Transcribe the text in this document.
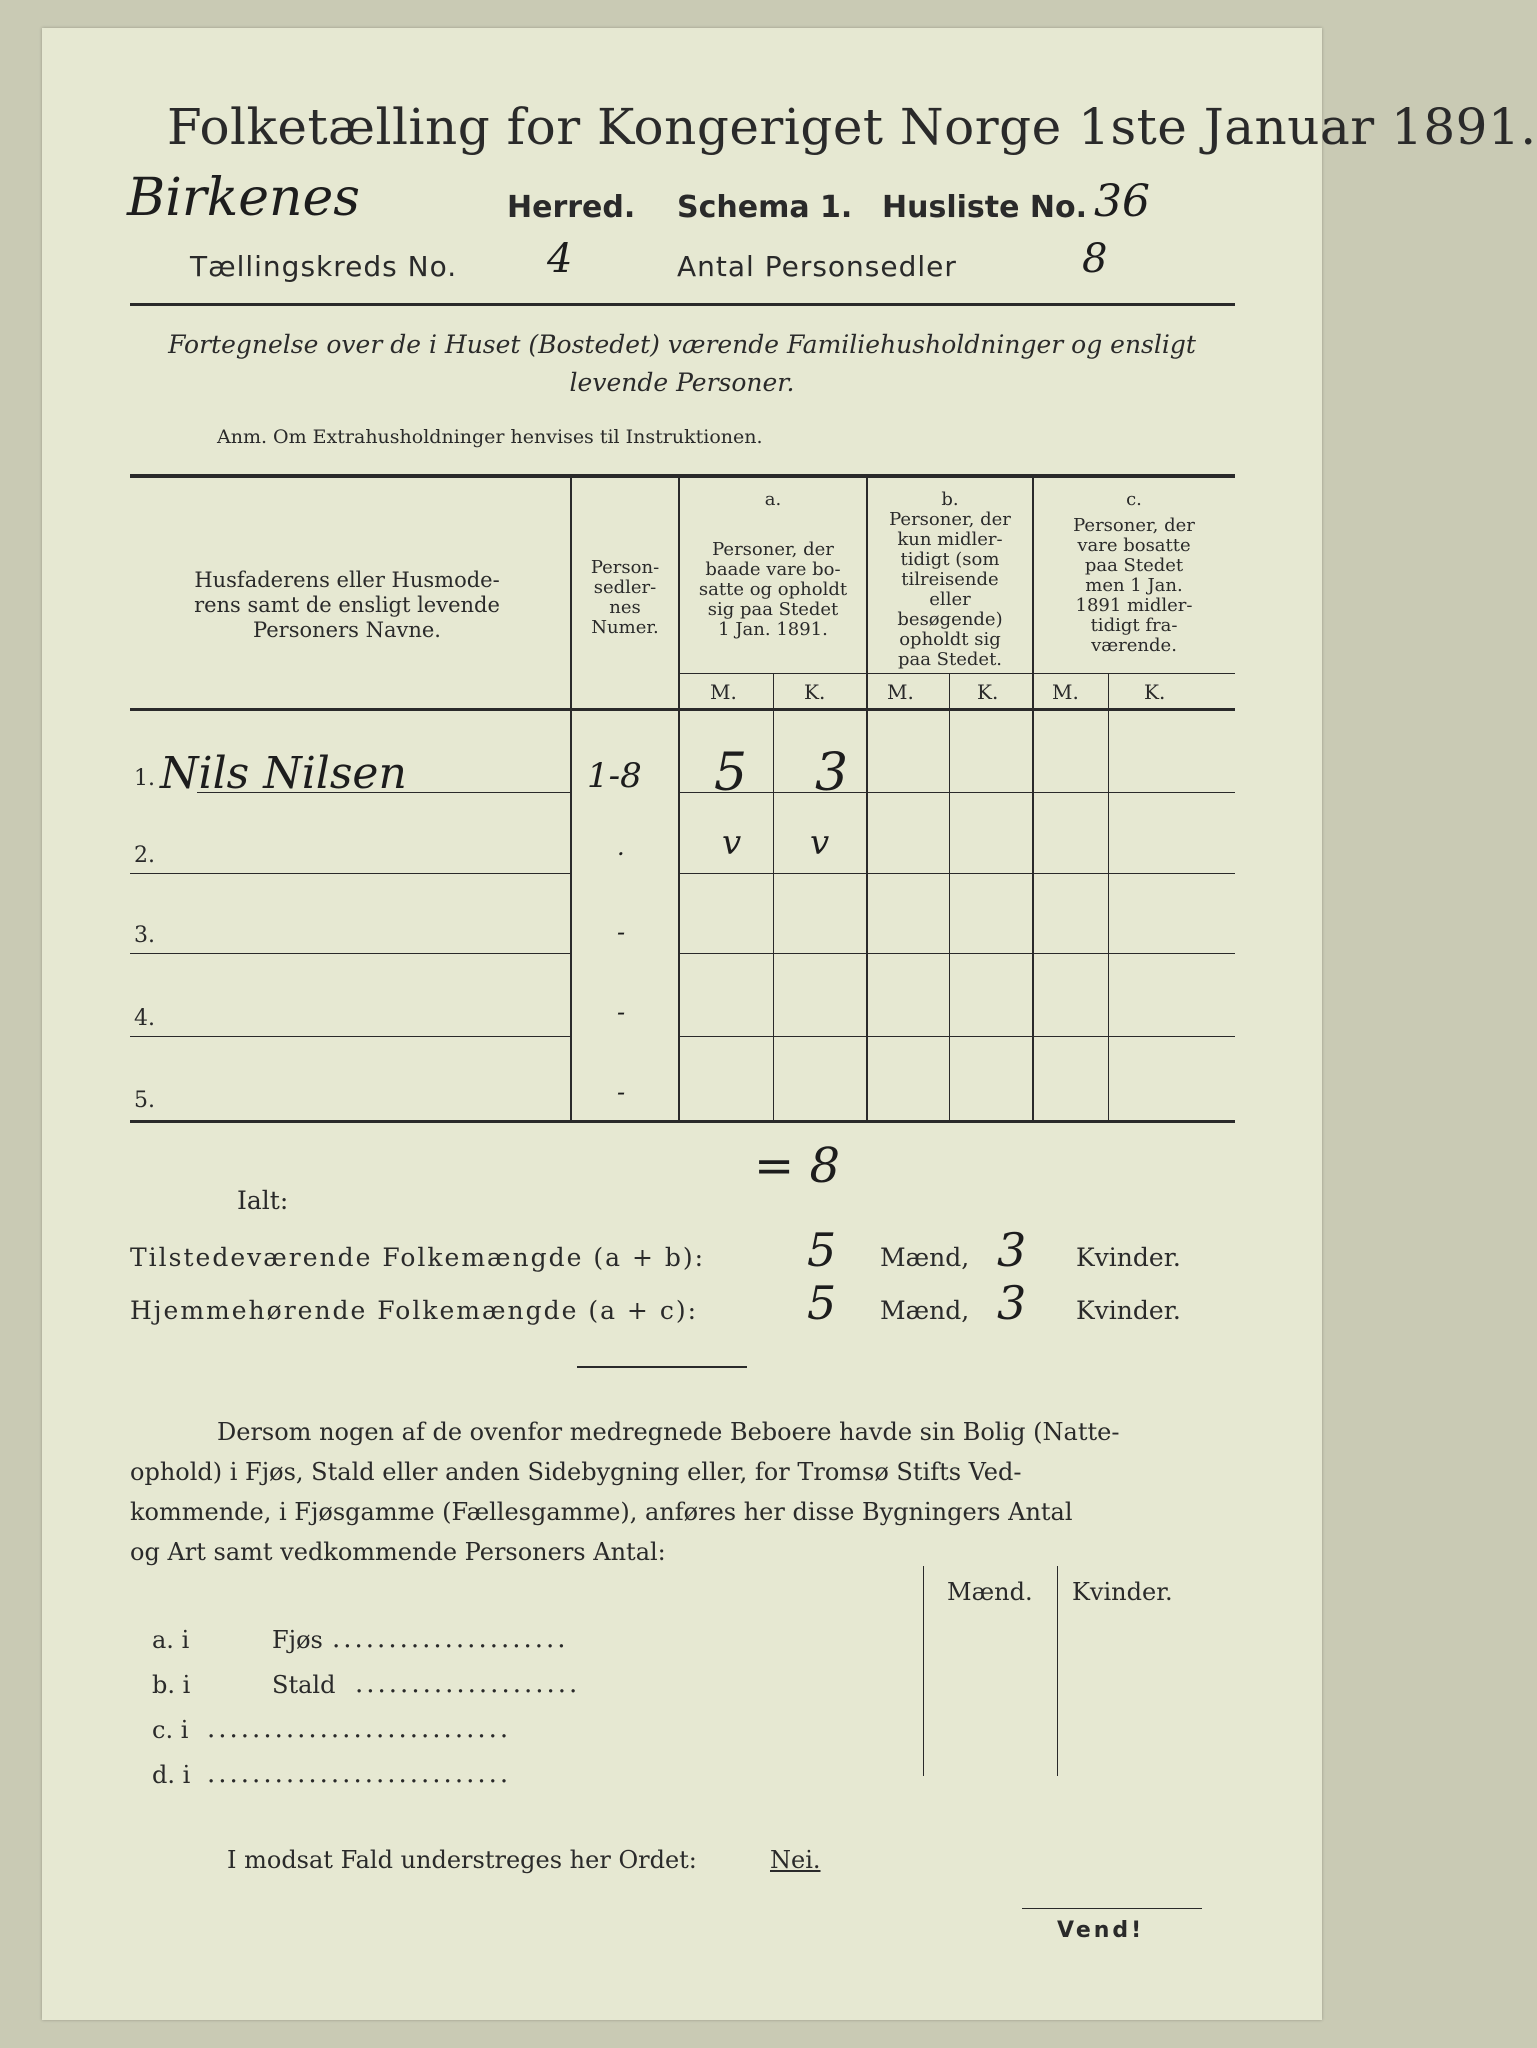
Folketælling for Kongeriget Norge 1ste Januar 1891.
Birkenes	Herred. Schema 1. Husliste No. 36
Tællingskreds No. 4	Antal Personsedler	8
Fortegnelse over de i Huset (Bostedet) værende Familiehusholdninger og ensligt
levende Personer.
Anm. Om Extrahusholdninger henvises til Instruktionen.
Husfaderens eller Husmode-
rens samt de ensligt levende
Personers Navne.
Person-
sedler-
nes
Numer.
a.
Personer, der
baade vare bo-
satte og opholdt
sig paa Stedet
1 Jan. 1891.
b.
Personer, der
kun midler-
tidigt (som
tilreisende
eller
besøgende)
opholdt sig
paa Stedet.
c.
Personer, der
vare bosatte
paa Stedet
men 1 Jan.
1891 midler-
tidigt fra-
værende.
M.	K.	M.	K.	M.	K.
1. Nils Nilsen	1-8 5 3
2.	.	v v
3.	-
4.	-
5.	-
Ialt:
= 8
Tilstedeværende Folkemængde (a + b): 5 Mænd, 3 Kvinder.
Hjemmehørende Folkemængde (a + c): 5 Mænd, 3 Kvinder.
Dersom nogen af de ovenfor medregnede Beboere havde sin Bolig (Natte-
ophold) i Fjøs, Stald eller anden Sidebygning eller, for Tromsø Stifts Ved-
kommende, i Fjøsgamme (Fællesgamme), anføres her disse Bygningers Antal
og Art samt vedkommende Personers Antal:
Mænd. Kvinder.
a. i	Fjøs .....................
b. i	Stald ....................
c. i ...........................
d. i ...........................
I modsat Fald understreges her Ordet:	Nei.
Vend!
